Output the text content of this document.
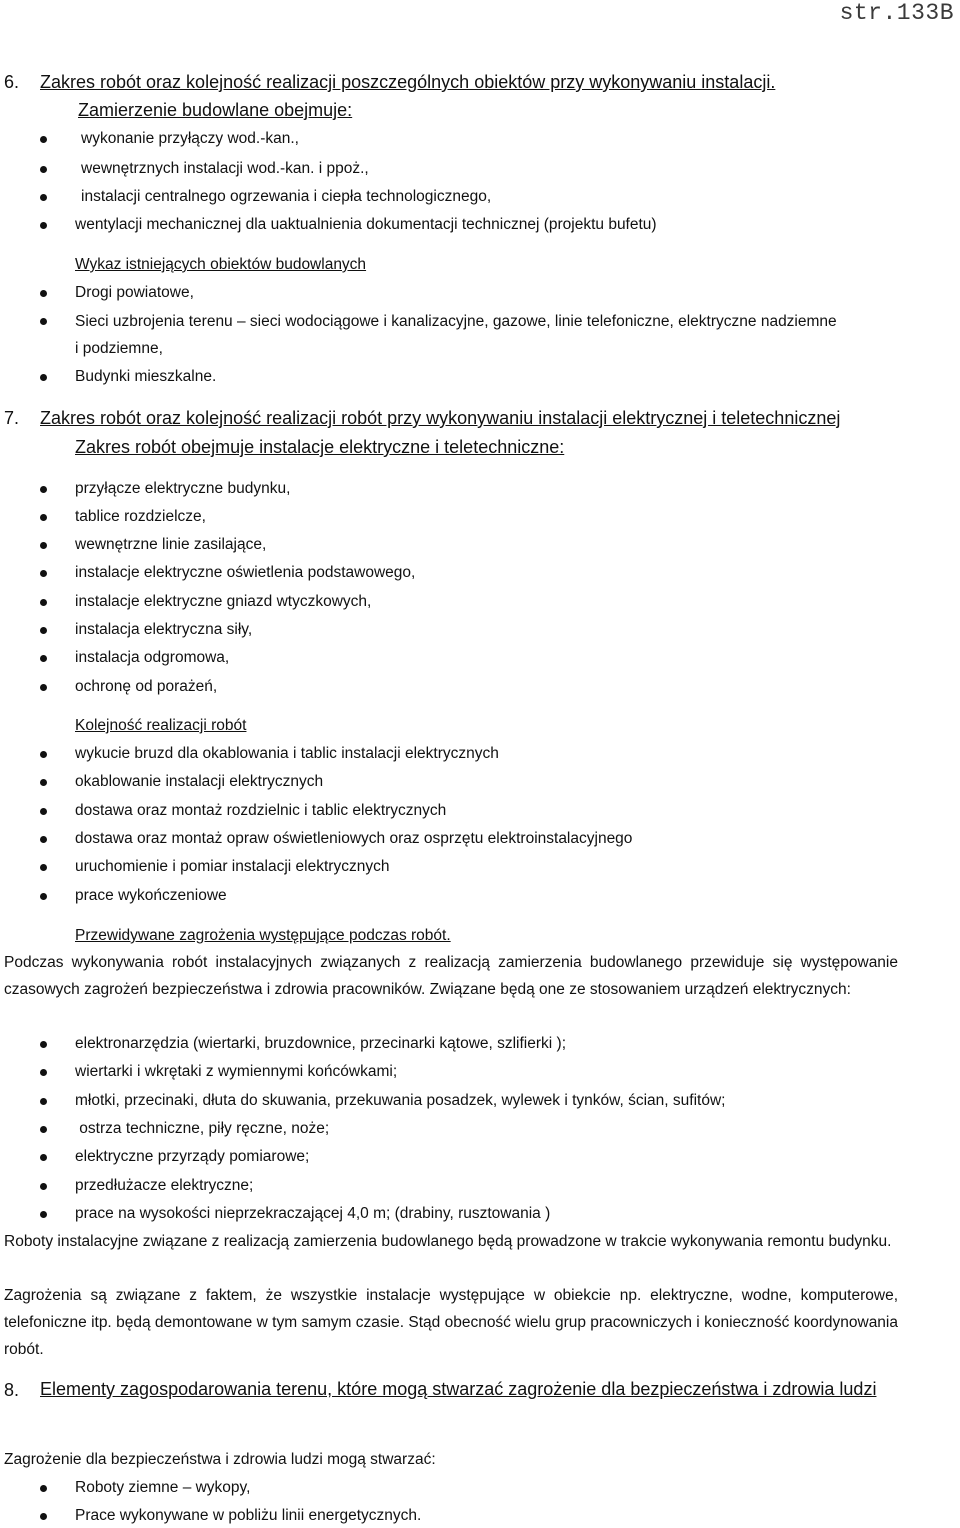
str.133B
6. Zakres robót oraz kolejność realizacji poszczególnych obiektów przy wykonywaniu instalacji.
Zamierzenie budowlane obejmuje:
wykonanie przyłączy wod.-kan.,
wewnętrznych instalacji wod.-kan. i ppoż.,
instalacji centralnego ogrzewania i ciepła technologicznego,
wentylacji mechanicznej dla uaktualnienia dokumentacji technicznej (projektu bufetu)
Wykaz istniejących obiektów budowlanych
Drogi powiatowe,
Sieci uzbrojenia terenu – sieci wodociągowe i kanalizacyjne, gazowe, linie telefoniczne, elektryczne nadziemne
i podziemne,
Budynki mieszkalne.
7. Zakres robót oraz kolejność realizacji robót przy wykonywaniu instalacji elektrycznej i teletechnicznej
Zakres robót obejmuje instalacje elektryczne i teletechniczne:
przyłącze elektryczne budynku,
tablice rozdzielcze,
wewnętrzne linie zasilające,
instalacje elektryczne oświetlenia podstawowego,
instalacje elektryczne gniazd wtyczkowych,
instalacja elektryczna siły,
instalacja odgromowa,
ochronę od porażeń,
Kolejność realizacji robót
wykucie bruzd dla okablowania i tablic instalacji elektrycznych
okablowanie instalacji elektrycznych
dostawa oraz montaż rozdzielnic i tablic elektrycznych
dostawa oraz montaż opraw oświetleniowych oraz osprzętu elektroinstalacyjnego
uruchomienie i pomiar instalacji elektrycznych
prace wykończeniowe
Przewidywane zagrożenia występujące podczas robót.
Podczas wykonywania robót instalacyjnych związanych z realizacją zamierzenia budowlanego przewiduje się występowanie czasowych zagrożeń bezpieczeństwa i zdrowia pracowników. Związane będą one ze stosowaniem urządzeń elektrycznych:
elektronarzędzia (wiertarki, bruzdownice, przecinarki kątowe, szlifierki );
wiertarki i wkrętaki z wymiennymi końcówkami;
młotki, przecinaki, dłuta do skuwania, przekuwania posadzek, wylewek i tynków, ścian, sufitów;
ostrza techniczne, piły ręczne, noże;
elektryczne przyrządy pomiarowe;
przedłużacze elektryczne;
prace na wysokości nieprzekraczającej 4,0 m; (drabiny, rusztowania )
Roboty instalacyjne związane z realizacją zamierzenia budowlanego będą prowadzone w trakcie wykonywania remontu budynku.
Zagrożenia są związane z faktem, że wszystkie instalacje występujące w obiekcie np. elektryczne, wodne, komputerowe, telefoniczne itp. będą demontowane w tym samym czasie. Stąd obecność wielu grup pracowniczych i konieczność koordynowania robót.
8. Elementy zagospodarowania terenu, które mogą stwarzać zagrożenie dla bezpieczeństwa i zdrowia ludzi
Zagrożenie dla bezpieczeństwa i zdrowia ludzi mogą stwarzać:
Roboty ziemne – wykopy,
Prace wykonywane w pobliżu linii energetycznych.
